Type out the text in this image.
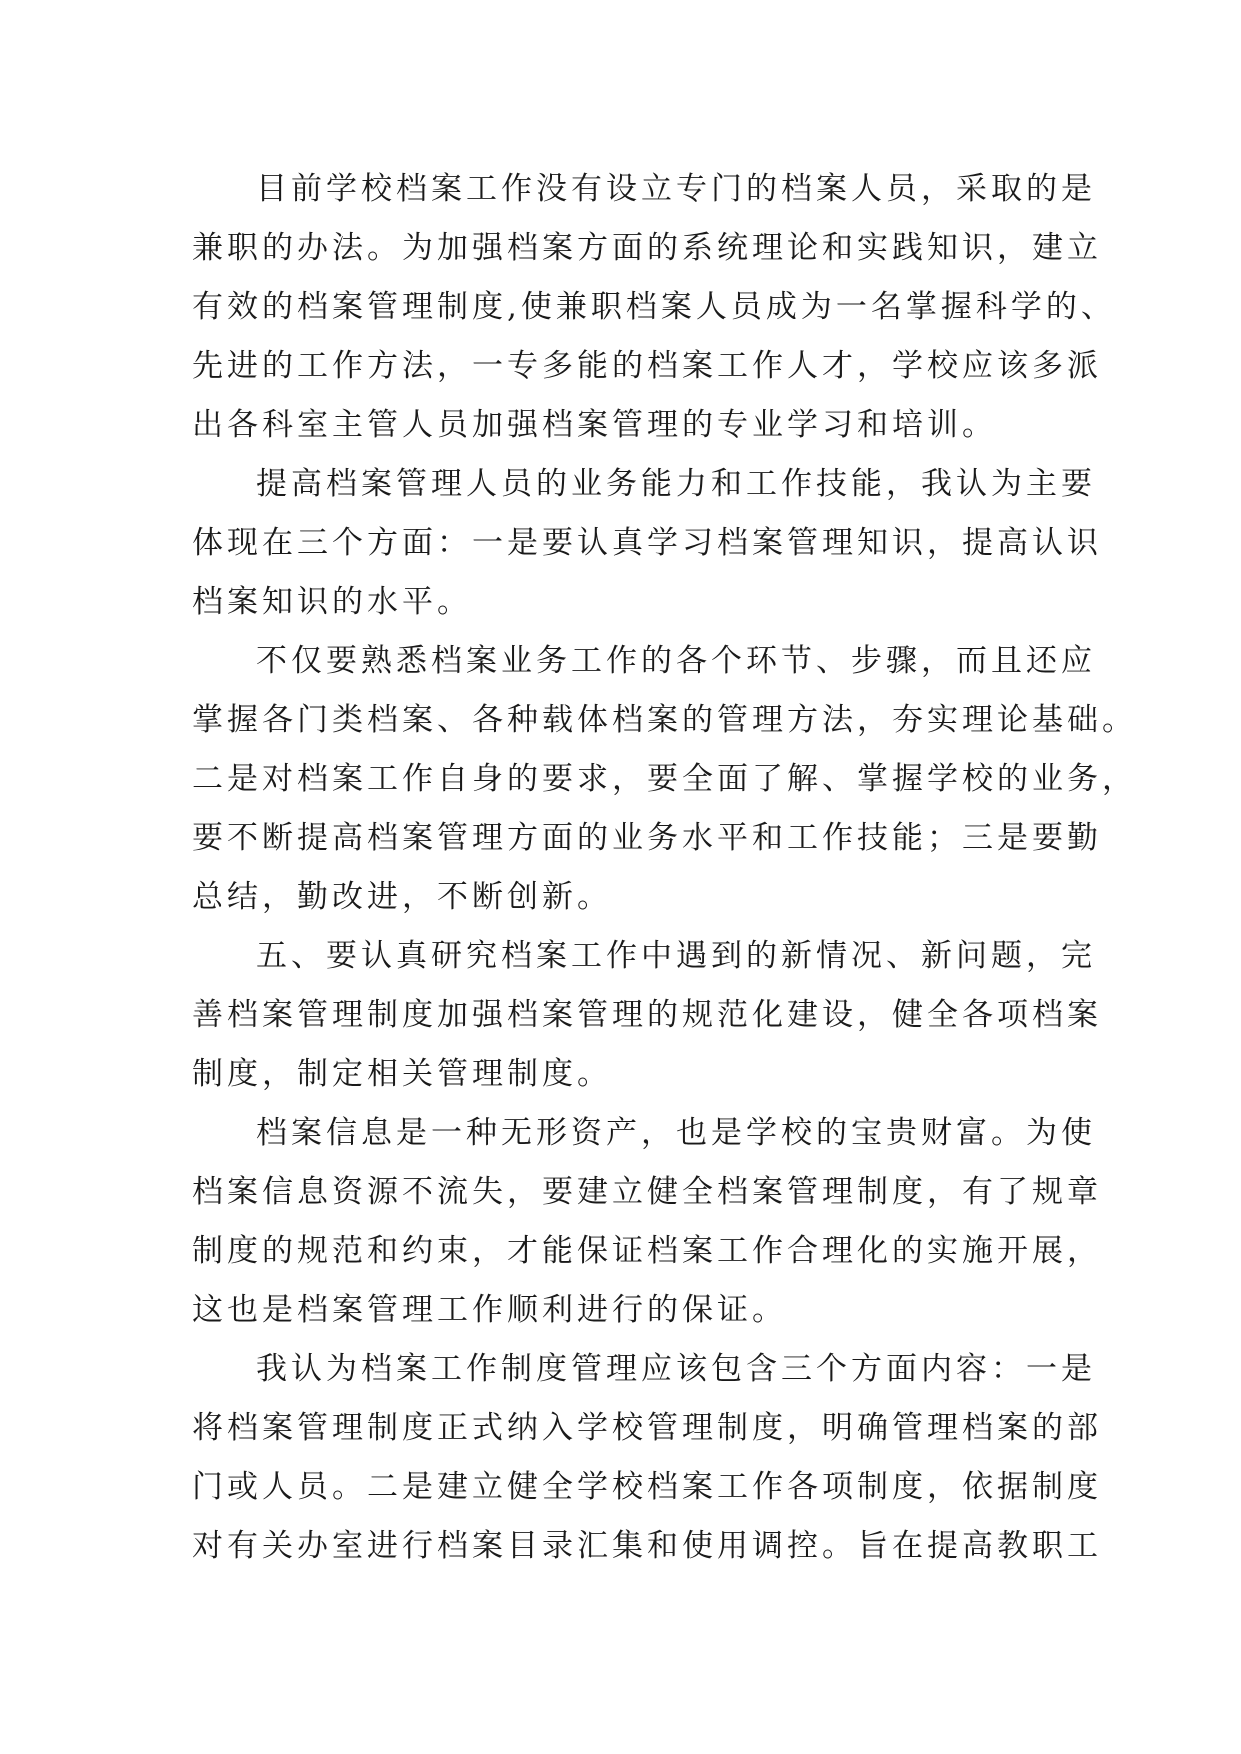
目前学校档案工作没有设立专门的档案人员，采取的是
兼职的办法。为加强档案方面的系统理论和实践知识，建立
有效的档案管理制度,使兼职档案人员成为一名掌握科学的、
先进的工作方法，一专多能的档案工作人才，学校应该多派
出各科室主管人员加强档案管理的专业学习和培训。

提高档案管理人员的业务能力和工作技能，我认为主要
体现在三个方面：一是要认真学习档案管理知识，提高认识
档案知识的水平。

不仅要熟悉档案业务工作的各个环节、步骤，而且还应
掌握各门类档案、各种载体档案的管理方法，夯实理论基础。
二是对档案工作自身的要求，要全面了解、掌握学校的业务，
要不断提高档案管理方面的业务水平和工作技能；三是要勤
总结，勤改进，不断创新。

五、要认真研究档案工作中遇到的新情况、新问题，完
善档案管理制度加强档案管理的规范化建设，健全各项档案
制度，制定相关管理制度。

档案信息是一种无形资产，也是学校的宝贵财富。为使
档案信息资源不流失，要建立健全档案管理制度，有了规章
制度的规范和约束，才能保证档案工作合理化的实施开展，
这也是档案管理工作顺利进行的保证。

我认为档案工作制度管理应该包含三个方面内容：一是
将档案管理制度正式纳入学校管理制度，明确管理档案的部
门或人员。二是建立健全学校档案工作各项制度，依据制度
对有关办室进行档案目录汇集和使用调控。旨在提高教职工
